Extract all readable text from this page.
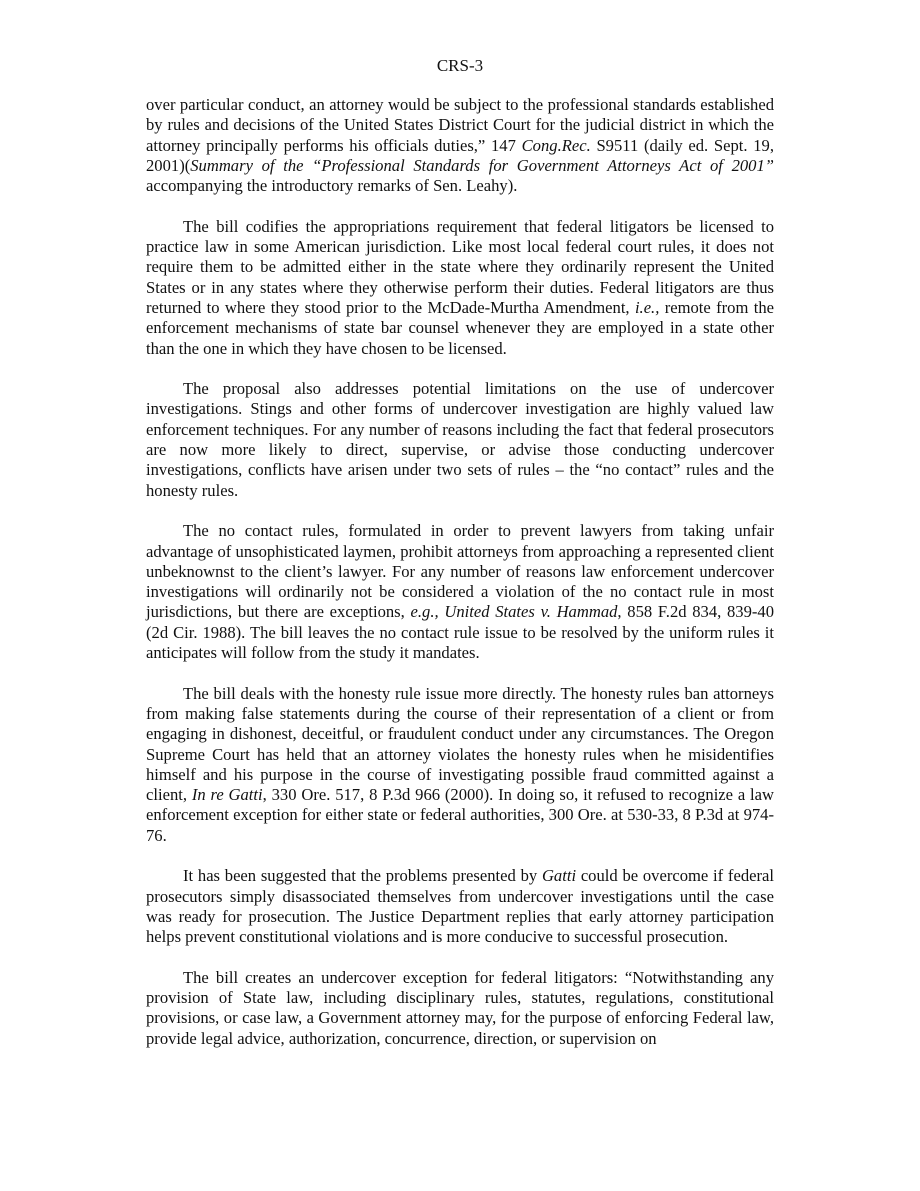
CRS-3

over particular conduct, an attorney would be subject to the professional standards established by rules and decisions of the United States District Court for the judicial district in which the attorney principally performs his officials duties,” 147 Cong.Rec. S9511 (daily ed. Sept. 19, 2001)(Summary of the “Professional Standards for Government Attorneys Act of 2001” accompanying the introductory remarks of Sen. Leahy).

The bill codifies the appropriations requirement that federal litigators be licensed to practice law in some American jurisdiction. Like most local federal court rules, it does not require them to be admitted either in the state where they ordinarily represent the United States or in any states where they otherwise perform their duties. Federal litigators are thus returned to where they stood prior to the McDade-Murtha Amendment, i.e., remote from the enforcement mechanisms of state bar counsel whenever they are employed in a state other than the one in which they have chosen to be licensed.

The proposal also addresses potential limitations on the use of undercover investigations. Stings and other forms of undercover investigation are highly valued law enforcement techniques. For any number of reasons including the fact that federal prosecutors are now more likely to direct, supervise, or advise those conducting undercover investigations, conflicts have arisen under two sets of rules – the “no contact” rules and the honesty rules.

The no contact rules, formulated in order to prevent lawyers from taking unfair advantage of unsophisticated laymen, prohibit attorneys from approaching a represented client unbeknownst to the client’s lawyer. For any number of reasons law enforcement undercover investigations will ordinarily not be considered a violation of the no contact rule in most jurisdictions, but there are exceptions, e.g., United States v. Hammad, 858 F.2d 834, 839-40 (2d Cir. 1988). The bill leaves the no contact rule issue to be resolved by the uniform rules it anticipates will follow from the study it mandates.

The bill deals with the honesty rule issue more directly. The honesty rules ban attorneys from making false statements during the course of their representation of a client or from engaging in dishonest, deceitful, or fraudulent conduct under any circumstances. The Oregon Supreme Court has held that an attorney violates the honesty rules when he misidentifies himself and his purpose in the course of investigating possible fraud committed against a client, In re Gatti, 330 Ore. 517, 8 P.3d 966 (2000). In doing so, it refused to recognize a law enforcement exception for either state or federal authorities, 300 Ore. at 530-33, 8 P.3d at 974-76.

It has been suggested that the problems presented by Gatti could be overcome if federal prosecutors simply disassociated themselves from undercover investigations until the case was ready for prosecution. The Justice Department replies that early attorney participation helps prevent constitutional violations and is more conducive to successful prosecution.

The bill creates an undercover exception for federal litigators: “Notwithstanding any provision of State law, including disciplinary rules, statutes, regulations, constitutional provisions, or case law, a Government attorney may, for the purpose of enforcing Federal law, provide legal advice, authorization, concurrence, direction, or supervision on
